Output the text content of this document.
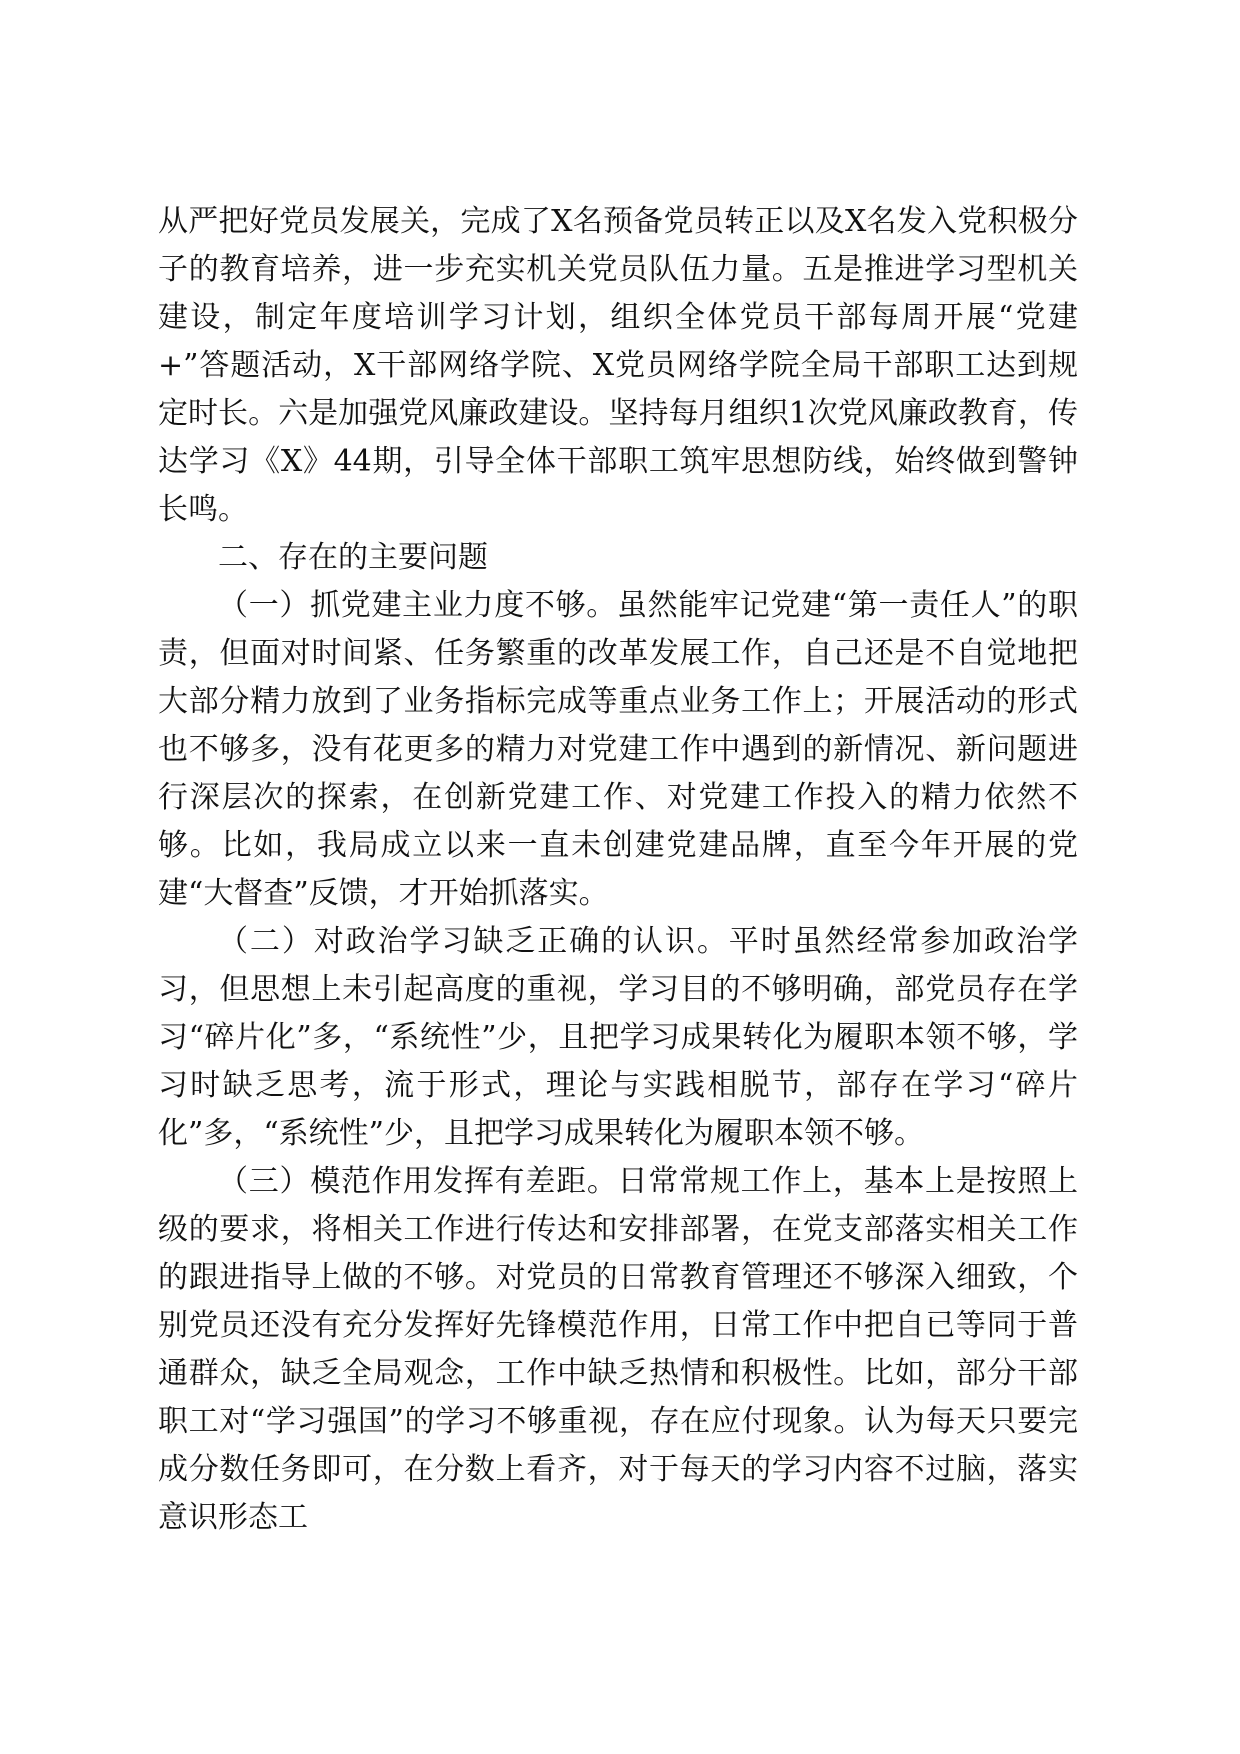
从严把好党员发展关，完成了X名预备党员转正以及X名发入党积极分子的教育培养，进一步充实机关党员队伍力量。五是推进学习型机关建设，制定年度培训学习计划，组织全体党员干部每周开展“党建+”答题活动，X干部网络学院、X党员网络学院全局干部职工达到规定时长。六是加强党风廉政建设。坚持每月组织1次党风廉政教育，传达学习《X》44期，引导全体干部职工筑牢思想防线，始终做到警钟长鸣。

二、存在的主要问题

（一）抓党建主业力度不够。虽然能牢记党建“第一责任人”的职责，但面对时间紧、任务繁重的改革发展工作，自己还是不自觉地把大部分精力放到了业务指标完成等重点业务工作上；开展活动的形式也不够多，没有花更多的精力对党建工作中遇到的新情况、新问题进行深层次的探索，在创新党建工作、对党建工作投入的精力依然不够。比如，我局成立以来一直未创建党建品牌，直至今年开展的党建“大督查”反馈，才开始抓落实。

（二）对政治学习缺乏正确的认识。平时虽然经常参加政治学习，但思想上未引起高度的重视，学习目的不够明确，部党员存在学习“碎片化”多，“系统性”少，且把学习成果转化为履职本领不够，学习时缺乏思考，流于形式，理论与实践相脱节，部存在学习“碎片化”多，“系统性”少，且把学习成果转化为履职本领不够。

（三）模范作用发挥有差距。日常常规工作上，基本上是按照上级的要求，将相关工作进行传达和安排部署，在党支部落实相关工作的跟进指导上做的不够。对党员的日常教育管理还不够深入细致，个别党员还没有充分发挥好先锋模范作用，日常工作中把自已等同于普通群众，缺乏全局观念，工作中缺乏热情和积极性。比如，部分干部职工对“学习强国”的学习不够重视，存在应付现象。认为每天只要完成分数任务即可，在分数上看齐，对于每天的学习内容不过脑，落实意识形态工
